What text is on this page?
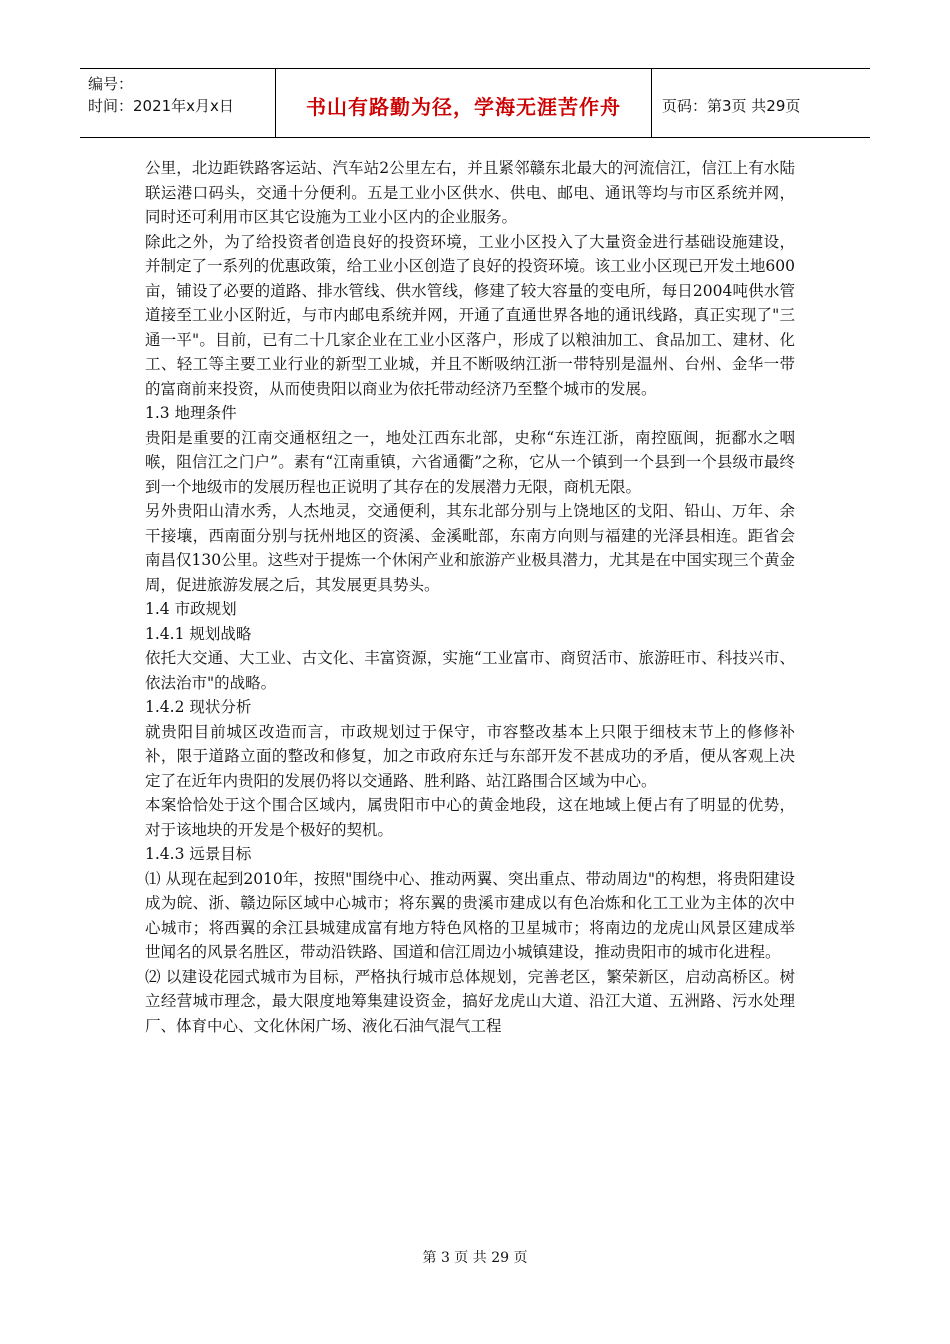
编号：
时间：2021年x月x日	书山有路勤为径，学海无涯苦作舟	页码：第3页 共29页

公里，北边距铁路客运站、汽车站2公里左右，并且紧邻赣东北最大的河流信江，信江上有水陆联运港口码头，交通十分便利。五是工业小区供水、供电、邮电、通讯等均与市区系统并网，同时还可利用市区其它设施为工业小区内的企业服务。

除此之外，为了给投资者创造良好的投资环境，工业小区投入了大量资金进行基础设施建设，并制定了一系列的优惠政策，给工业小区创造了良好的投资环境。该工业小区现已开发土地600亩，铺设了必要的道路、排水管线、供水管线，修建了较大容量的变电所，每日2004吨供水管道接至工业小区附近，与市内邮电系统并网，开通了直通世界各地的通讯线路，真正实现了"三通一平"。目前，已有二十几家企业在工业小区落户，形成了以粮油加工、食品加工、建材、化工、轻工等主要工业行业的新型工业城，并且不断吸纳江浙一带特别是温州、台州、金华一带的富商前来投资，从而使贵阳以商业为依托带动经济乃至整个城市的发展。

1.3 地理条件

贵阳是重要的江南交通枢纽之一，地处江西东北部，史称“东连江浙，南控瓯闽，扼鄱水之咽喉，阻信江之门户”。素有“江南重镇，六省通衢”之称，它从一个镇到一个县到一个县级市最终到一个地级市的发展历程也正说明了其存在的发展潜力无限，商机无限。

另外贵阳山清水秀，人杰地灵，交通便利，其东北部分别与上饶地区的戈阳、铅山、万年、余干接壤，西南面分别与抚州地区的资溪、金溪毗部，东南方向则与福建的光泽县相连。距省会南昌仅130公里。这些对于提炼一个休闲产业和旅游产业极具潜力，尤其是在中国实现三个黄金周，促进旅游发展之后，其发展更具势头。

1.4 市政规划

1.4.1 规划战略

依托大交通、大工业、古文化、丰富资源，实施“工业富市、商贸活市、旅游旺市、科技兴市、依法治市"的战略。

1.4.2 现状分析

就贵阳目前城区改造而言，市政规划过于保守，市容整改基本上只限于细枝末节上的修修补补，限于道路立面的整改和修复，加之市政府东迁与东部开发不甚成功的矛盾，便从客观上决定了在近年内贵阳的发展仍将以交通路、胜利路、站江路围合区域为中心。

本案恰恰处于这个围合区域内，属贵阳市中心的黄金地段，这在地域上便占有了明显的优势，对于该地块的开发是个极好的契机。

1.4.3 远景目标

⑴ 从现在起到2010年，按照"围绕中心、推动两翼、突出重点、带动周边"的构想，将贵阳建设成为皖、浙、赣边际区域中心城市；将东翼的贵溪市建成以有色冶炼和化工工业为主体的次中心城市；将西翼的余江县城建成富有地方特色风格的卫星城市；将南边的龙虎山风景区建成举世闻名的风景名胜区，带动沿铁路、国道和信江周边小城镇建设，推动贵阳市的城市化进程。

⑵ 以建设花园式城市为目标，严格执行城市总体规划，完善老区，繁荣新区，启动高桥区。树立经营城市理念，最大限度地筹集建设资金，搞好龙虎山大道、沿江大道、五洲路、污水处理厂、体育中心、文化休闲广场、液化石油气混气工程

第 3 页 共 29 页
